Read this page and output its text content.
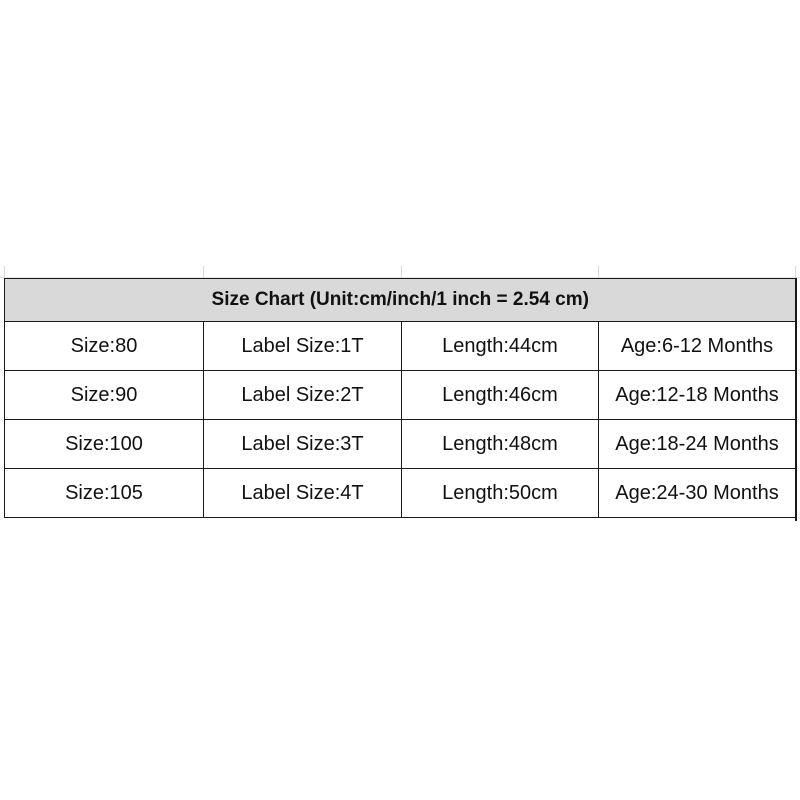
Size Chart (Unit:cm/inch/1 inch = 2.54 cm)			
Size:80	Label Size:1T	Length:44cm	Age:6-12 Months
Size:90	Label Size:2T	Length:46cm	Age:12-18 Months
Size:100	Label Size:3T	Length:48cm	Age:18-24 Months
Size:105	Label Size:4T	Length:50cm	Age:24-30 Months
